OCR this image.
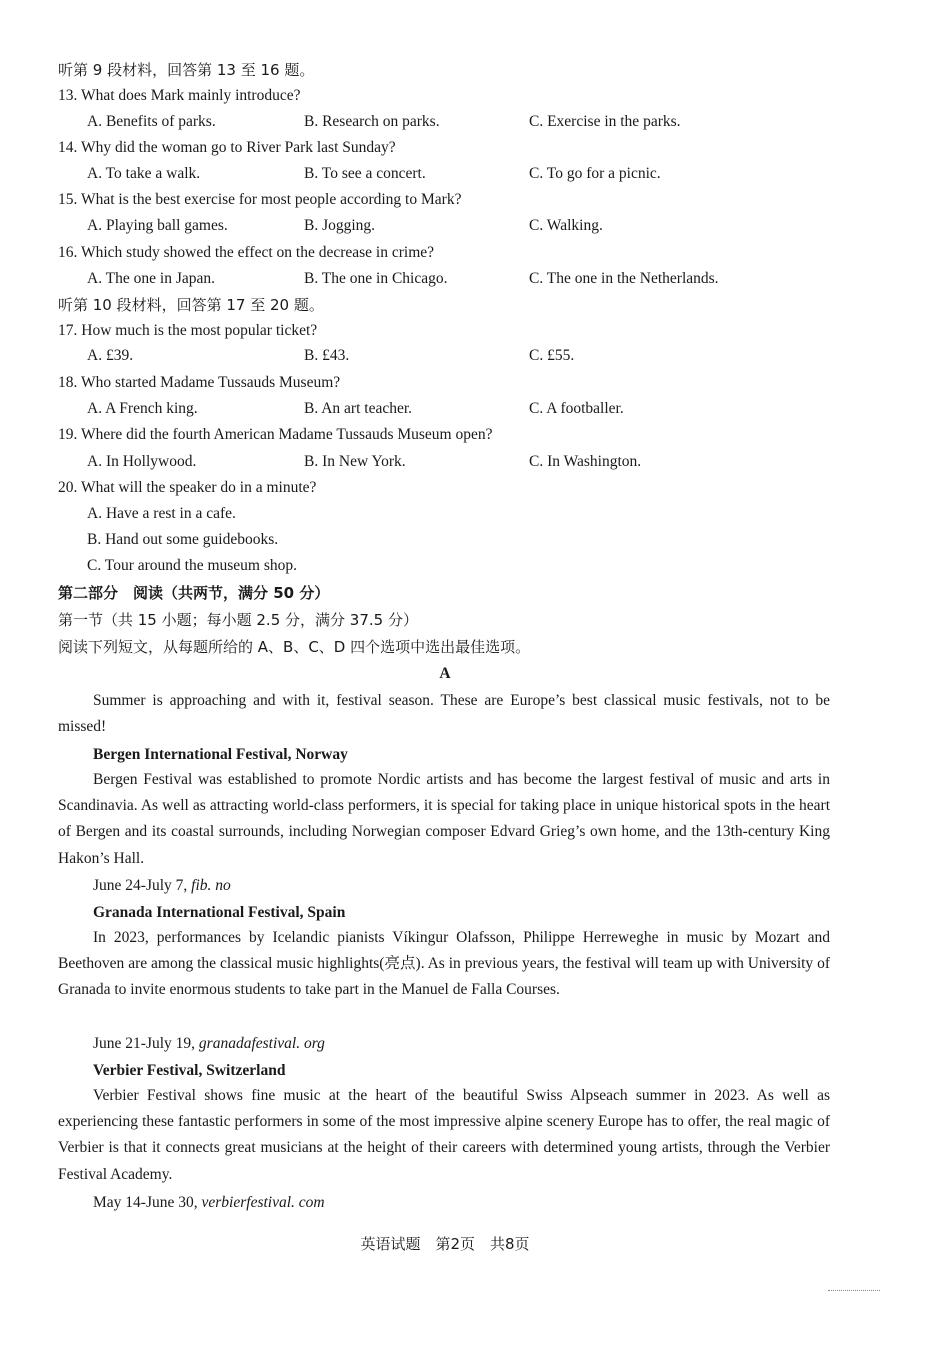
听第 9 段材料，回答第 13 至 16 题。
13. What does Mark mainly introduce?
A. Benefits of parks.	B. Research on parks.	C. Exercise in the parks.
14. Why did the woman go to River Park last Sunday?
A. To take a walk.	B. To see a concert.	C. To go for a picnic.
15. What is the best exercise for most people according to Mark?
A. Playing ball games.	B. Jogging.	C. Walking.
16. Which study showed the effect on the decrease in crime?
A. The one in Japan.	B. The one in Chicago.	C. The one in the Netherlands.
听第 10 段材料，回答第 17 至 20 题。
17. How much is the most popular ticket?
A. £39.	B. £43.	C. £55.
18. Who started Madame Tussauds Museum?
A. A French king.	B. An art teacher.	C. A footballer.
19. Where did the fourth American Madame Tussauds Museum open?
A. In Hollywood.	B. In New York.	C. In Washington.
20. What will the speaker do in a minute?
A. Have a rest in a cafe.
B. Hand out some guidebooks.
C. Tour around the museum shop.
第二部分　阅读（共两节，满分 50 分）
第一节（共 15 小题；每小题 2.5 分，满分 37.5 分）
阅读下列短文，从每题所给的 A、B、C、D 四个选项中选出最佳选项。
A
Summer is approaching and with it, festival season. These are Europe’s best classical music festivals, not to be missed!
Bergen International Festival, Norway
Bergen Festival was established to promote Nordic artists and has become the largest festival of music and arts in Scandinavia. As well as attracting world-class performers, it is special for taking place in unique historical spots in the heart of Bergen and its coastal surrounds, including Norwegian composer Edvard Grieg’s own home, and the 13th-century King Hakon’s Hall.
June 24-July 7, fib. no
Granada International Festival, Spain
In 2023, performances by Icelandic pianists Víkingur Olafsson, Philippe Herreweghe in music by Mozart and Beethoven are among the classical music highlights(亮点). As in previous years, the festival will team up with University of Granada to invite enormous students to take part in the Manuel de Falla Courses.
June 21-July 19, granadafestival. org
Verbier Festival, Switzerland
Verbier Festival shows fine music at the heart of the beautiful Swiss Alpseach summer in 2023. As well as experiencing these fantastic performers in some of the most impressive alpine scenery Europe has to offer, the real magic of Verbier is that it connects great musicians at the height of their careers with determined young artists, through the Verbier Festival Academy.
May 14-June 30, verbierfestival. com
英语试题　第2页　共8页
